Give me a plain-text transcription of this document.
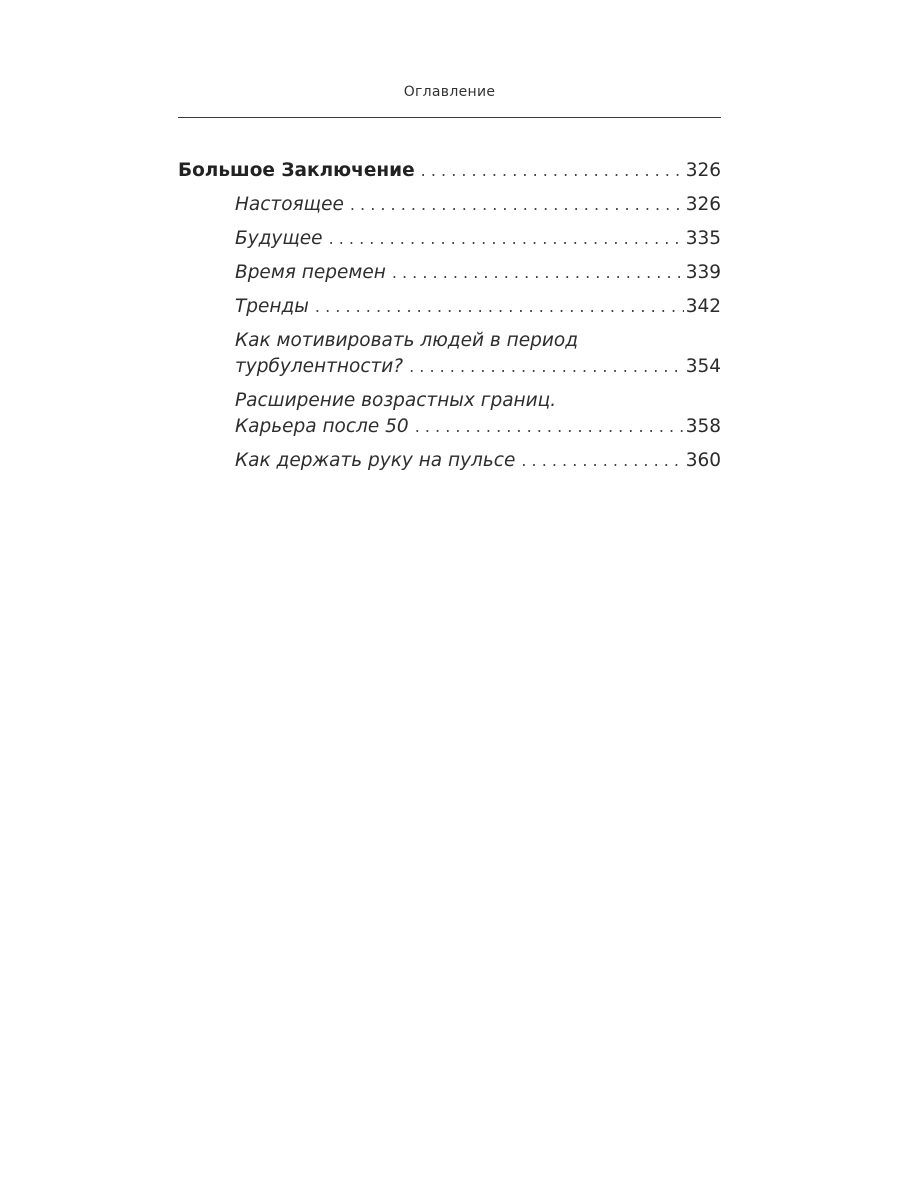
Оглавление
Большое Заключение . . .	326
Настоящее . . .	326
Будущее . . .	335
Время перемен . . .	339
Тренды . . .	342
Как мотивировать людей в период
турбулентности? . . .	354
Расширение возрастных границ.
Карьера после 50 . . .	358
Как держать руку на пульсе . . .	360
